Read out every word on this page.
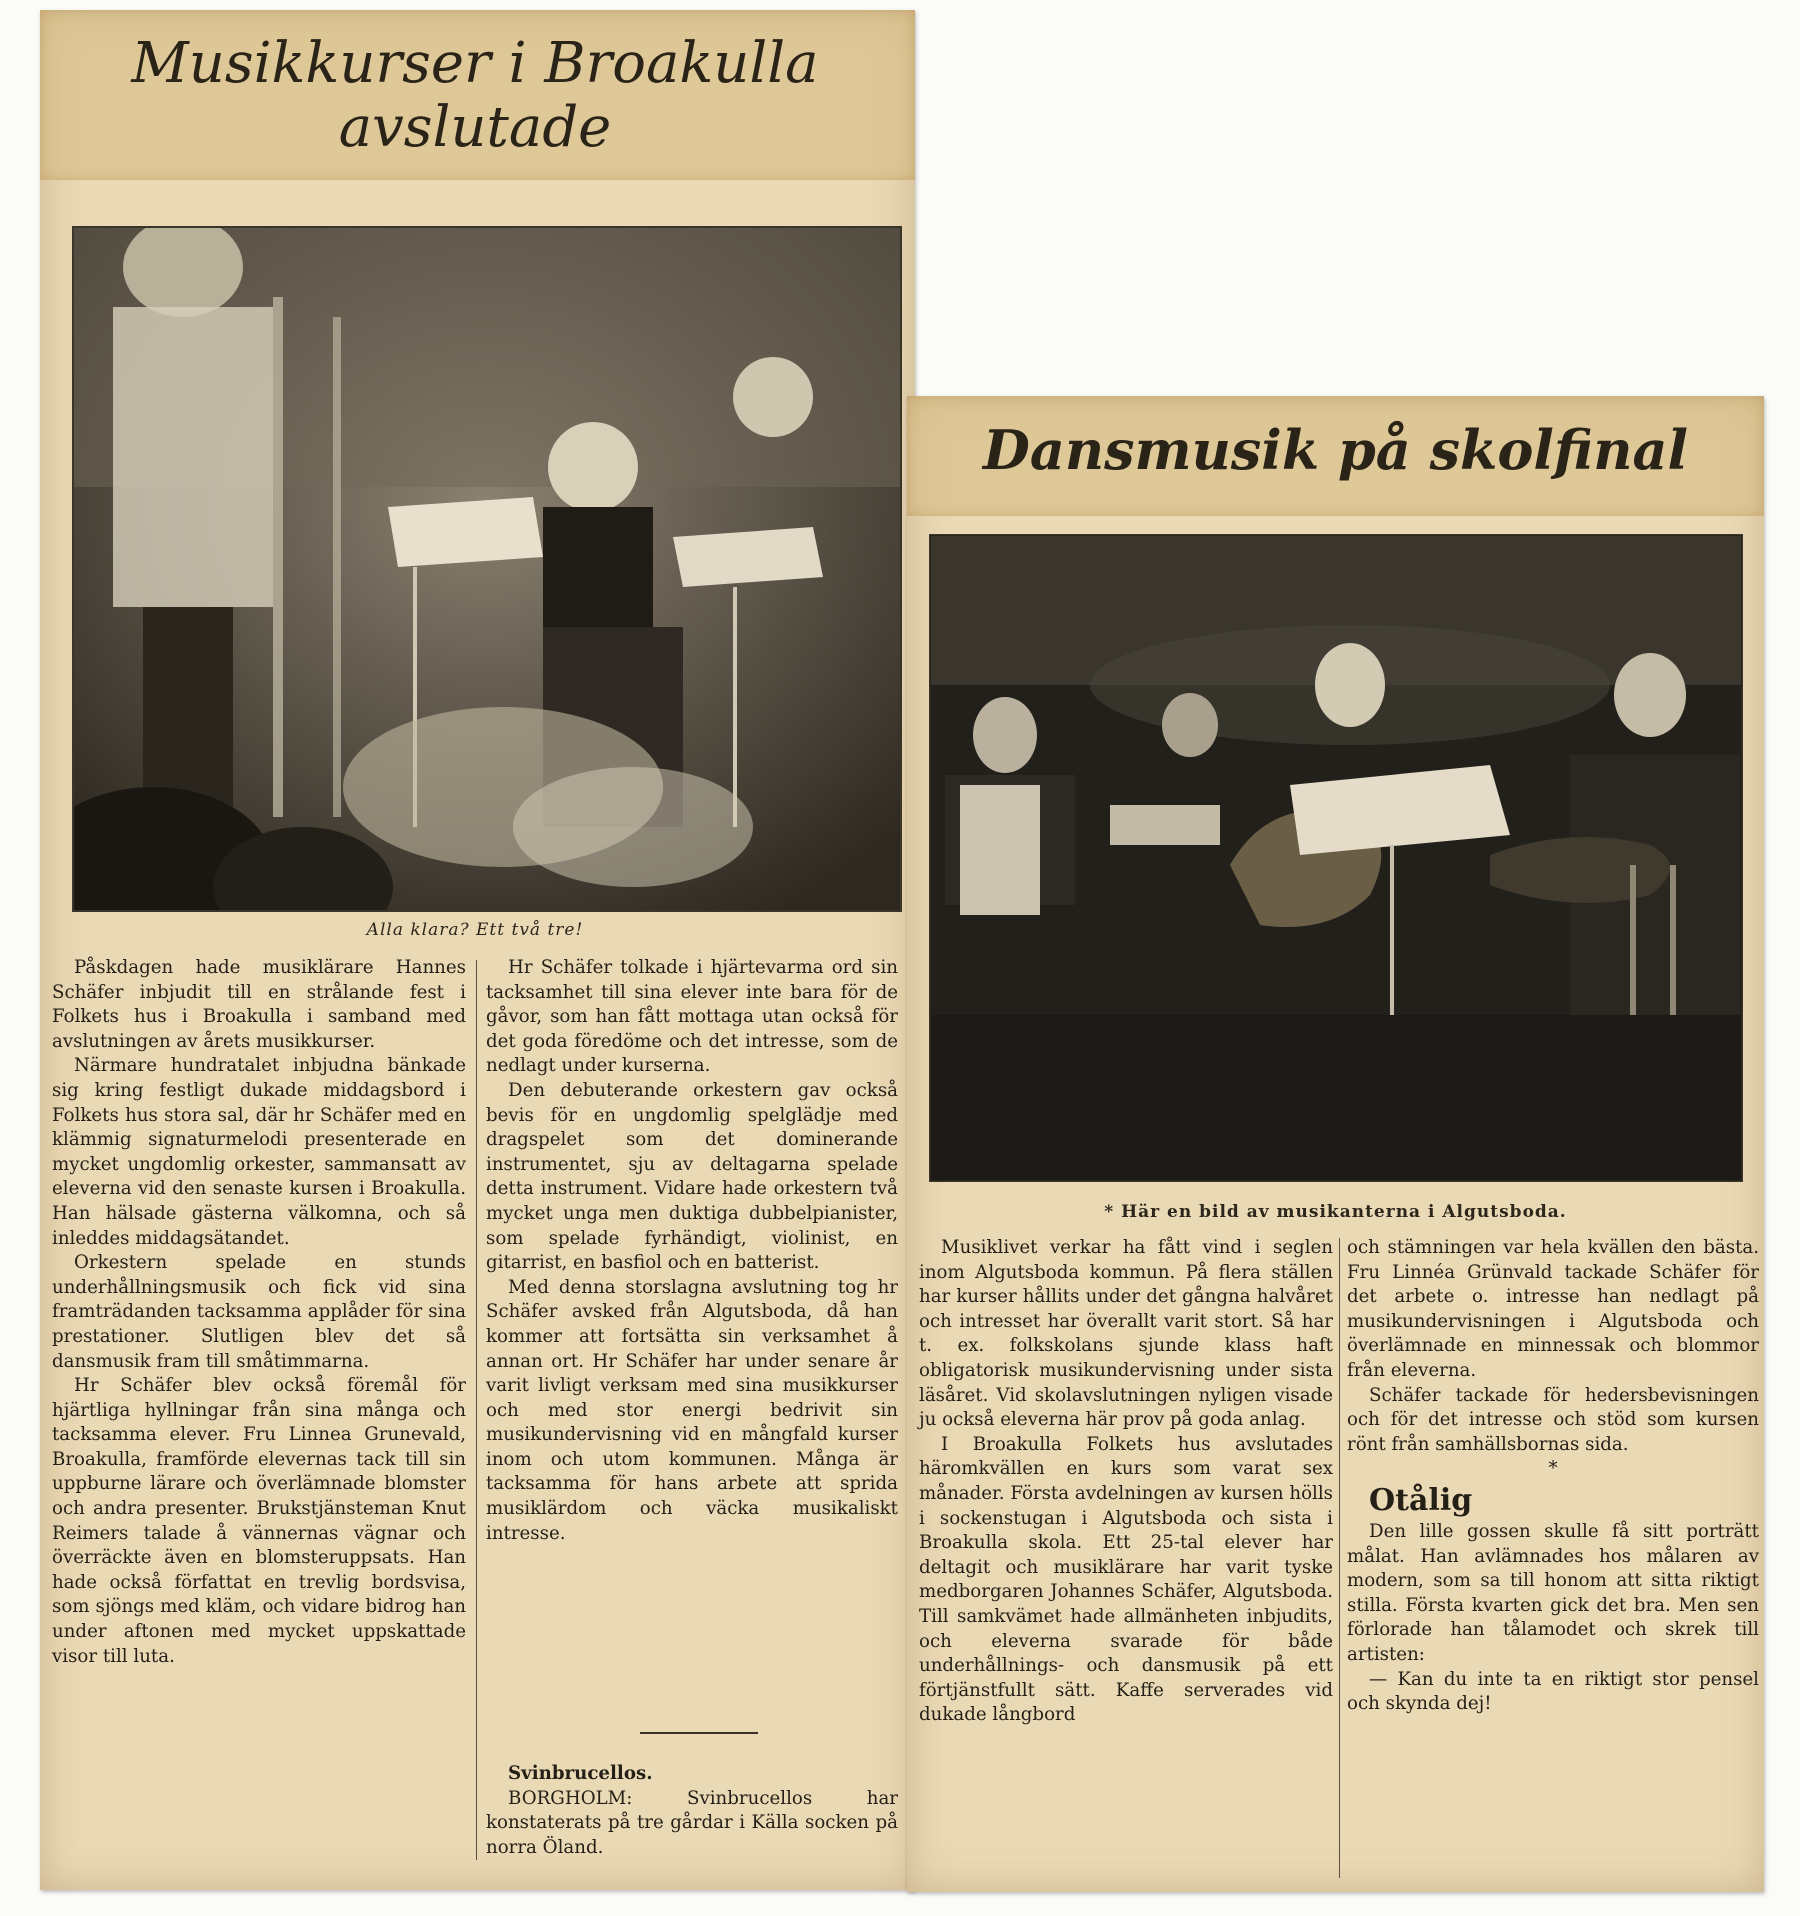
Musikkurser i Broakulla
avslutade

Alla klara? Ett två tre!

Påskdagen hade musiklärare Hannes Schäfer inbjudit till en strålande fest i Folkets hus i Broakulla i samband med avslutningen av årets musikkurser.

Närmare hundratalet inbjudna bänkade sig kring festligt dukade middagsbord i Folkets hus stora sal, där hr Schäfer med en klämmig signaturmelodi presenterade en mycket ungdomlig orkester, sammansatt av eleverna vid den senaste kursen i Broakulla. Han hälsade gästerna välkomna, och så inleddes middagsätandet.

Orkestern spelade en stunds underhållningsmusik och fick vid sina framträdanden tacksamma applåder för sina prestationer. Slutligen blev det så dansmusik fram till småtimmarna.

Hr Schäfer blev också föremål för hjärtliga hyllningar från sina många och tacksamma elever. Fru Linnea Grunevald, Broakulla, framförde elevernas tack till sin uppburne lärare och överlämnade blomster och andra presenter. Brukstjänsteman Knut Reimers talade å vännernas vägnar och överräckte även en blomsteruppsats. Han hade också författat en trevlig bordsvisa, som sjöngs med kläm, och vidare bidrog han under aftonen med mycket uppskattade visor till luta.

Hr Schäfer tolkade i hjärtevarma ord sin tacksamhet till sina elever inte bara för de gåvor, som han fått mottaga utan också för det goda föredöme och det intresse, som de nedlagt under kurserna.

Den debuterande orkestern gav också bevis för en ungdomlig spelglädje med dragspelet som det dominerande instrumentet, sju av deltagarna spelade detta instrument. Vidare hade orkestern två mycket unga men duktiga dubbelpianister, som spelade fyrhändigt, violinist, en gitarrist, en basfiol och en batterist.

Med denna storslagna avslutning tog hr Schäfer avsked från Algutsboda, då han kommer att fortsätta sin verksamhet å annan ort. Hr Schäfer har under senare år varit livligt verksam med sina musikkurser och med stor energi bedrivit sin musikundervisning vid en mångfald kurser inom och utom kommunen. Många är tacksamma för hans arbete att sprida musiklärdom och väcka musikaliskt intresse.

Svinbrucellos.

BORGHOLM: Svinbrucellos har konstaterats på tre gårdar i Källa socken på norra Öland.

Dansmusik på skolfinal

* Här en bild av musikanterna i Algutsboda.

Musiklivet verkar ha fått vind i seglen inom Algutsboda kommun. På flera ställen har kurser hållits under det gångna halvåret och intresset har överallt varit stort. Så har t. ex. folkskolans sjunde klass haft obligatorisk musikundervisning under sista läsåret. Vid skolavslutningen nyligen visade ju också eleverna här prov på goda anlag.

I Broakulla Folkets hus avslutades häromkvällen en kurs som varat sex månader. Första avdelningen av kursen hölls i sockenstugan i Algutsboda och sista i Broakulla skola. Ett 25-tal elever har deltagit och musiklärare har varit tyske medborgaren Johannes Schäfer, Algutsboda. Till samkvämet hade allmänheten inbjudits, och eleverna svarade för både underhållnings- och dansmusik på ett förtjänstfullt sätt. Kaffe serverades vid dukade långbord

och stämningen var hela kvällen den bästa. Fru Linnéa Grünvald tackade Schäfer för det arbete o. intresse han nedlagt på musikundervisningen i Algutsboda och överlämnade en minnessak och blommor från eleverna.

Schäfer tackade för hedersbevisningen och för det intresse och stöd som kursen rönt från samhällsbornas sida.

*

Otålig

Den lille gossen skulle få sitt porträtt målat. Han avlämnades hos målaren av modern, som sa till honom att sitta riktigt stilla. Första kvarten gick det bra. Men sen förlorade han tålamodet och skrek till artisten:

— Kan du inte ta en riktigt stor pensel och skynda dej!
